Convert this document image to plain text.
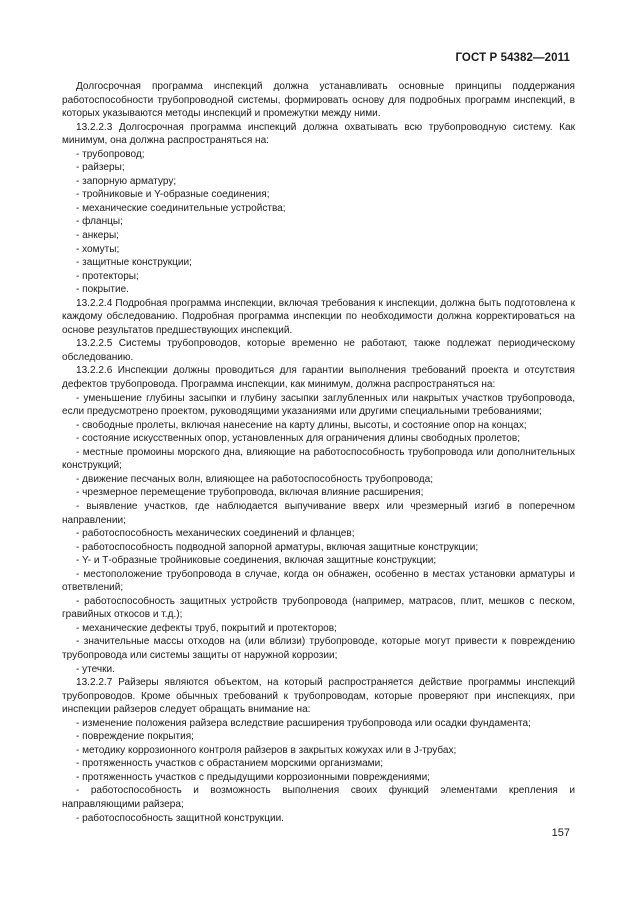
ГОСТ Р 54382—2011
Долгосрочная программа инспекций должна устанавливать основные принципы поддержания работоспособности трубопроводной системы, формировать основу для подробных программ инспекций, в которых указываются методы инспекций и промежутки между ними.
13.2.2.3 Долгосрочная программа инспекций должна охватывать всю трубопроводную систему. Как минимум, она должна распространяться на:
- трубопровод;
- райзеры;
- запорную арматуру;
- тройниковые и Y-образные соединения;
- механические соединительные устройства;
- фланцы;
- анкеры;
- хомуты;
- защитные конструкции;
- протекторы;
- покрытие.
13.2.2.4 Подробная программа инспекции, включая требования к инспекции, должна быть подготовлена к каждому обследованию. Подробная программа инспекции по необходимости должна корректироваться на основе результатов предшествующих инспекций.
13.2.2.5 Системы трубопроводов, которые временно не работают, также подлежат периодическому обследованию.
13.2.2.6 Инспекции должны проводиться для гарантии выполнения требований проекта и отсутствия дефектов трубопровода. Программа инспекции, как минимум, должна распространяться на:
- уменьшение глубины засыпки и глубину засыпки заглубленных или накрытых участков трубопровода, если предусмотрено проектом, руководящими указаниями или другими специальными требованиями;
- свободные пролеты, включая нанесение на карту длины, высоты, и состояние опор на концах;
- состояние искусственных опор, установленных для ограничения длины свободных пролетов;
- местные промоины морского дна, влияющие на работоспособность трубопровода или дополнительных конструкций;
- движение песчаных волн, влияющее на работоспособность трубопровода;
- чрезмерное перемещение трубопровода, включая влияние расширения;
- выявление участков, где наблюдается выпучивание вверх или чрезмерный изгиб в поперечном направлении;
- работоспособность механических соединений и фланцев;
- работоспособность подводной запорной арматуры, включая защитные конструкции;
- Y- и Т-образные тройниковые соединения, включая защитные конструкции;
- местоположение трубопровода в случае, когда он обнажен, особенно в местах установки арматуры и ответвлений;
- работоспособность защитных устройств трубопровода (например, матрасов, плит, мешков с песком, гравийных откосов и т.д.);
- механические дефекты труб, покрытий и протекторов;
- значительные массы отходов на (или вблизи) трубопроводе, которые могут привести к повреждению трубопровода или системы защиты от наружной коррозии;
- утечки.
13.2.2.7 Райзеры являются объектом, на который распространяется действие программы инспекций трубопроводов. Кроме обычных требований к трубопроводам, которые проверяют при инспекциях, при инспекции райзеров следует обращать внимание на:
- изменение положения райзера вследствие расширения трубопровода или осадки фундамента;
- повреждение покрытия;
- методику коррозионного контроля райзеров в закрытых кожухах или в J-трубах;
- протяженность участков с обрастанием морскими организмами;
- протяженность участков с предыдущими коррозионными повреждениями;
- работоспособность и возможность выполнения своих функций элементами крепления и направляющими райзера;
- работоспособность защитной конструкции.
157
